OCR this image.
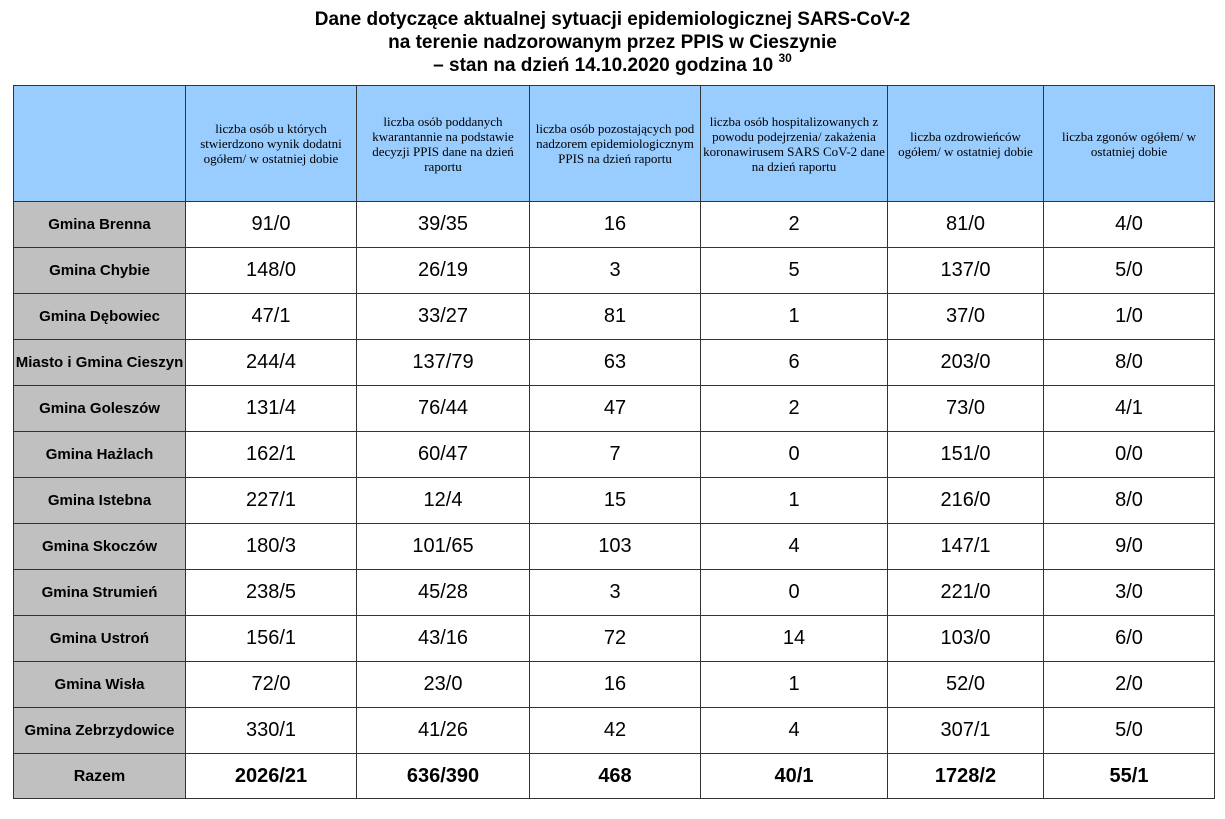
Dane dotyczące aktualnej sytuacji epidemiologicznej SARS-CoV-2
na terenie nadzorowanym przez PPIS w Cieszynie
– stan na dzień 14.10.2020 godzina 10 $^{30}$
	liczba osób u których stwierdzono wynik dodatni ogółem/ w ostatniej dobie	liczba osób poddanych kwarantannie na podstawie decyzji PPIS dane na dzień raportu	liczba osób pozostających pod nadzorem epidemiologicznym PPIS na dzień raportu	liczba osób hospitalizowanych z powodu podejrzenia/ zakażenia koronawirusem SARS CoV-2 dane na dzień raportu	liczba ozdrowieńców ogółem/ w ostatniej dobie	liczba zgonów ogółem/ w ostatniej dobie
Gmina Brenna	91/0	39/35	16	2	81/0	4/0
Gmina Chybie	148/0	26/19	3	5	137/0	5/0
Gmina Dębowiec	47/1	33/27	81	1	37/0	1/0
Miasto i Gmina Cieszyn	244/4	137/79	63	6	203/0	8/0
Gmina Goleszów	131/4	76/44	47	2	73/0	4/1
Gmina Hażlach	162/1	60/47	7	0	151/0	0/0
Gmina Istebna	227/1	12/4	15	1	216/0	8/0
Gmina Skoczów	180/3	101/65	103	4	147/1	9/0
Gmina Strumień	238/5	45/28	3	0	221/0	3/0
Gmina Ustroń	156/1	43/16	72	14	103/0	6/0
Gmina Wisła	72/0	23/0	16	1	52/0	2/0
Gmina Zebrzydowice	330/1	41/26	42	4	307/1	5/0
Razem	2026/21	636/390	468	40/1	1728/2	55/1
